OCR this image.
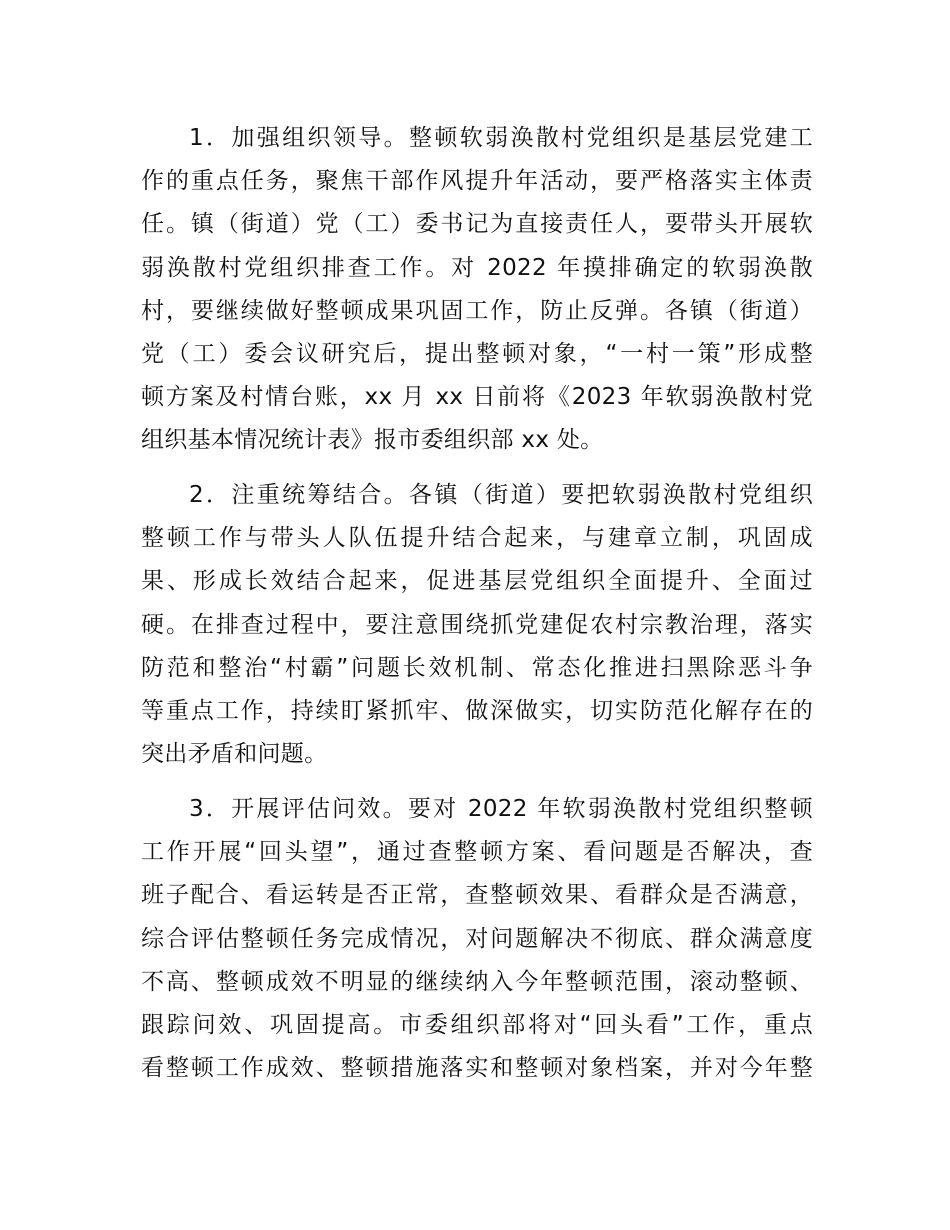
1．加强组织领导。整顿软弱涣散村党组织是基层党建工
作的重点任务，聚焦干部作风提升年活动，要严格落实主体责
任。镇（街道）党（工）委书记为直接责任人，要带头开展软
弱涣散村党组织排查工作。对 2022 年摸排确定的软弱涣散
村，要继续做好整顿成果巩固工作，防止反弹。各镇（街道）
党（工）委会议研究后，提出整顿对象，“一村一策”形成整
顿方案及村情台账，xx 月 xx 日前将《2023 年软弱涣散村党
组织基本情况统计表》报市委组织部 xx 处。
2．注重统筹结合。各镇（街道）要把软弱涣散村党组织
整顿工作与带头人队伍提升结合起来，与建章立制，巩固成
果、形成长效结合起来，促进基层党组织全面提升、全面过
硬。在排查过程中，要注意围绕抓党建促农村宗教治理，落实
防范和整治“村霸”问题长效机制、常态化推进扫黑除恶斗争
等重点工作，持续盯紧抓牢、做深做实，切实防范化解存在的
突出矛盾和问题。
3．开展评估问效。要对 2022 年软弱涣散村党组织整顿
工作开展“回头望”，通过查整顿方案、看问题是否解决，查
班子配合、看运转是否正常，查整顿效果、看群众是否满意，
综合评估整顿任务完成情况，对问题解决不彻底、群众满意度
不高、整顿成效不明显的继续纳入今年整顿范围，滚动整顿、
跟踪问效、巩固提高。市委组织部将对“回头看”工作，重点
看整顿工作成效、整顿措施落实和整顿对象档案，并对今年整
